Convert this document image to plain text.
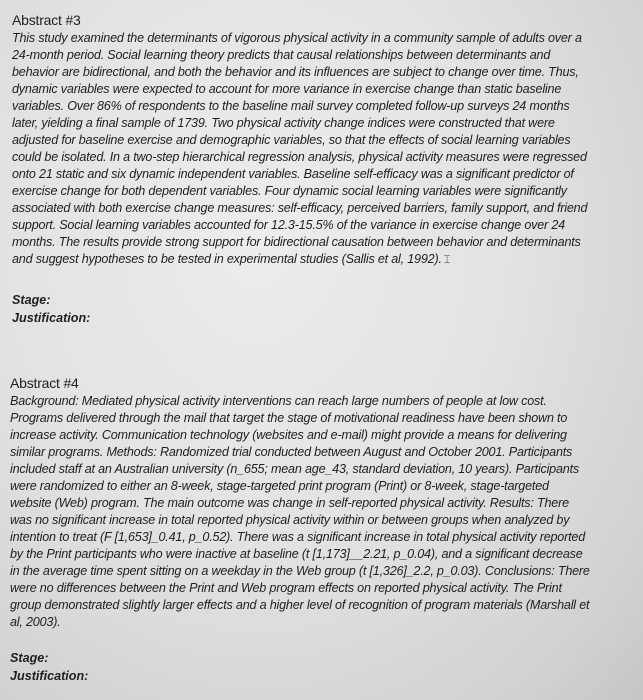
Abstract #3
This study examined the determinants of vigorous physical activity in a community sample of adults over a
24-month period. Social learning theory predicts that causal relationships between determinants and
behavior are bidirectional, and both the behavior and its influences are subject to change over time. Thus,
dynamic variables were expected to account for more variance in exercise change than static baseline
variables. Over 86% of respondents to the baseline mail survey completed follow-up surveys 24 months
later, yielding a final sample of 1739. Two physical activity change indices were constructed that were
adjusted for baseline exercise and demographic variables, so that the effects of social learning variables
could be isolated. In a two-step hierarchical regression analysis, physical activity measures were regressed
onto 21 static and six dynamic independent variables. Baseline self-efficacy was a significant predictor of
exercise change for both dependent variables. Four dynamic social learning variables were significantly
associated with both exercise change measures: self-efficacy, perceived barriers, family support, and friend
support. Social learning variables accounted for 12.3-15.5% of the variance in exercise change over 24
months. The results provide strong support for bidirectional causation between behavior and determinants
and suggest hypotheses to be tested in experimental studies (Sallis et al, 1992). ⌶
Stage:
Justification:
Abstract #4
Background: Mediated physical activity interventions can reach large numbers of people at low cost.
Programs delivered through the mail that target the stage of motivational readiness have been shown to
increase activity. Communication technology (websites and e-mail) might provide a means for delivering
similar programs. Methods: Randomized trial conducted between August and October 2001. Participants
included staff at an Australian university (n_655; mean age_43, standard deviation, 10 years). Participants
were randomized to either an 8-week, stage-targeted print program (Print) or 8-week, stage-targeted
website (Web) program. The main outcome was change in self-reported physical activity. Results: There
was no significant increase in total reported physical activity within or between groups when analyzed by
intention to treat (F [1,653]_0.41, p_0.52). There was a significant increase in total physical activity reported
by the Print participants who were inactive at baseline (t [1,173]__2.21, p_0.04), and a significant decrease
in the average time spent sitting on a weekday in the Web group (t [1,326]_2.2, p_0.03). Conclusions: There
were no differences between the Print and Web program effects on reported physical activity. The Print
group demonstrated slightly larger effects and a higher level of recognition of program materials (Marshall et
al, 2003).
Stage:
Justification:
